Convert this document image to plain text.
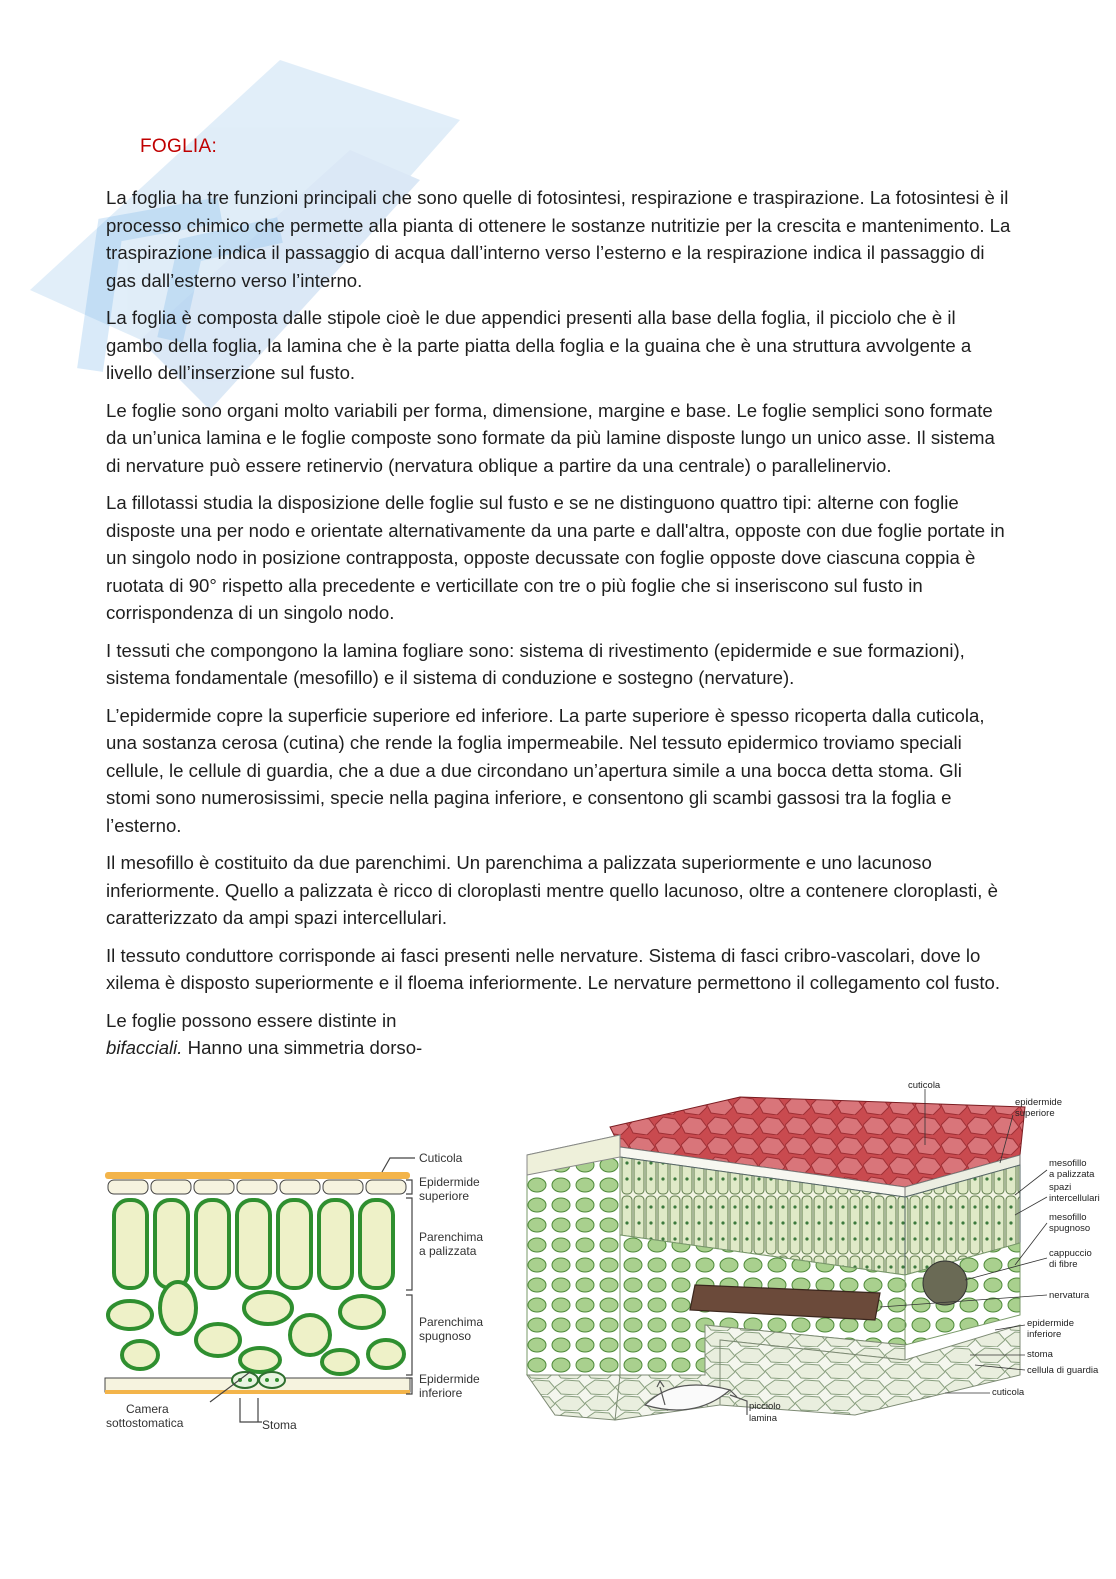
FOGLIA:

La foglia ha tre funzioni principali che sono quelle di fotosintesi, respirazione e traspirazione. La fotosintesi è il processo chimico che permette alla pianta di ottenere le sostanze nutritizie per la crescita e mantenimento. La traspirazione indica il passaggio di acqua dall’interno verso l’esterno e la respirazione indica il passaggio di gas dall’esterno verso l’interno.

La foglia è composta dalle stipole cioè le due appendici presenti alla base della foglia, il picciolo che è il gambo della foglia, la lamina che è la parte piatta della foglia e la guaina che è una struttura avvolgente a livello dell’inserzione sul fusto.

Le foglie sono organi molto variabili per forma, dimensione, margine e base. Le foglie semplici sono formate da un’unica lamina e le foglie composte sono formate da più lamine disposte lungo un unico asse. Il sistema di nervature può essere retinervio (nervatura oblique a partire da una centrale) o parallelinervio.

La fillotassi studia la disposizione delle foglie sul fusto e se ne distinguono quattro tipi: alterne con foglie disposte una per nodo e orientate alternativamente da una parte e dall'altra, opposte con due foglie portate in un singolo nodo in posizione contrapposta, opposte decussate con foglie opposte dove ciascuna coppia è ruotata di 90° rispetto alla precedente e verticillate con tre o più foglie che si inseriscono sul fusto in corrispondenza di un singolo nodo.

I tessuti che compongono la lamina fogliare sono: sistema di rivestimento (epidermide e sue formazioni), sistema fondamentale (mesofillo) e il sistema di conduzione e sostegno (nervature).

L’epidermide copre la superficie superiore ed inferiore. La parte superiore è spesso ricoperta dalla cuticola, una sostanza cerosa (cutina) che rende la foglia impermeabile. Nel tessuto epidermico troviamo speciali cellule, le cellule di guardia, che a due a due circondano un’apertura simile a una bocca detta stoma. Gli stomi sono numerosissimi, specie nella pagina inferiore, e consentono gli scambi gassosi tra la foglia e l’esterno.

Il mesofillo è costituito da due parenchimi. Un parenchima a palizzata superiormente e uno lacunoso inferiormente. Quello a palizzata è ricco di cloroplasti mentre quello lacunoso, oltre a contenere cloroplasti, è caratterizzato da ampi spazi intercellulari.

Il tessuto conduttore corrisponde ai fasci presenti nelle nervature. Sistema di fasci cribro-vascolari, dove lo xilema è disposto superiormente e il floema inferiormente. Le nervature permettono il collegamento col fusto.

Le foglie possono essere distinte in
bifacciali. Hanno una simmetria dorso-

Cuticola
Epidermide
superiore
Parenchima
a palizzata
Parenchima
spugnoso
Epidermide
inferiore
Camera
sottostomatica	Stoma
cuticola
epidermide
superiore
mesofillo
a palizzata
spazi
intercellulari
mesofillo
spugnoso
cappuccio
di fibre
nervatura
epidermide
inferiore
stoma
cellula di guardia
cuticola
picciolo
lamina
